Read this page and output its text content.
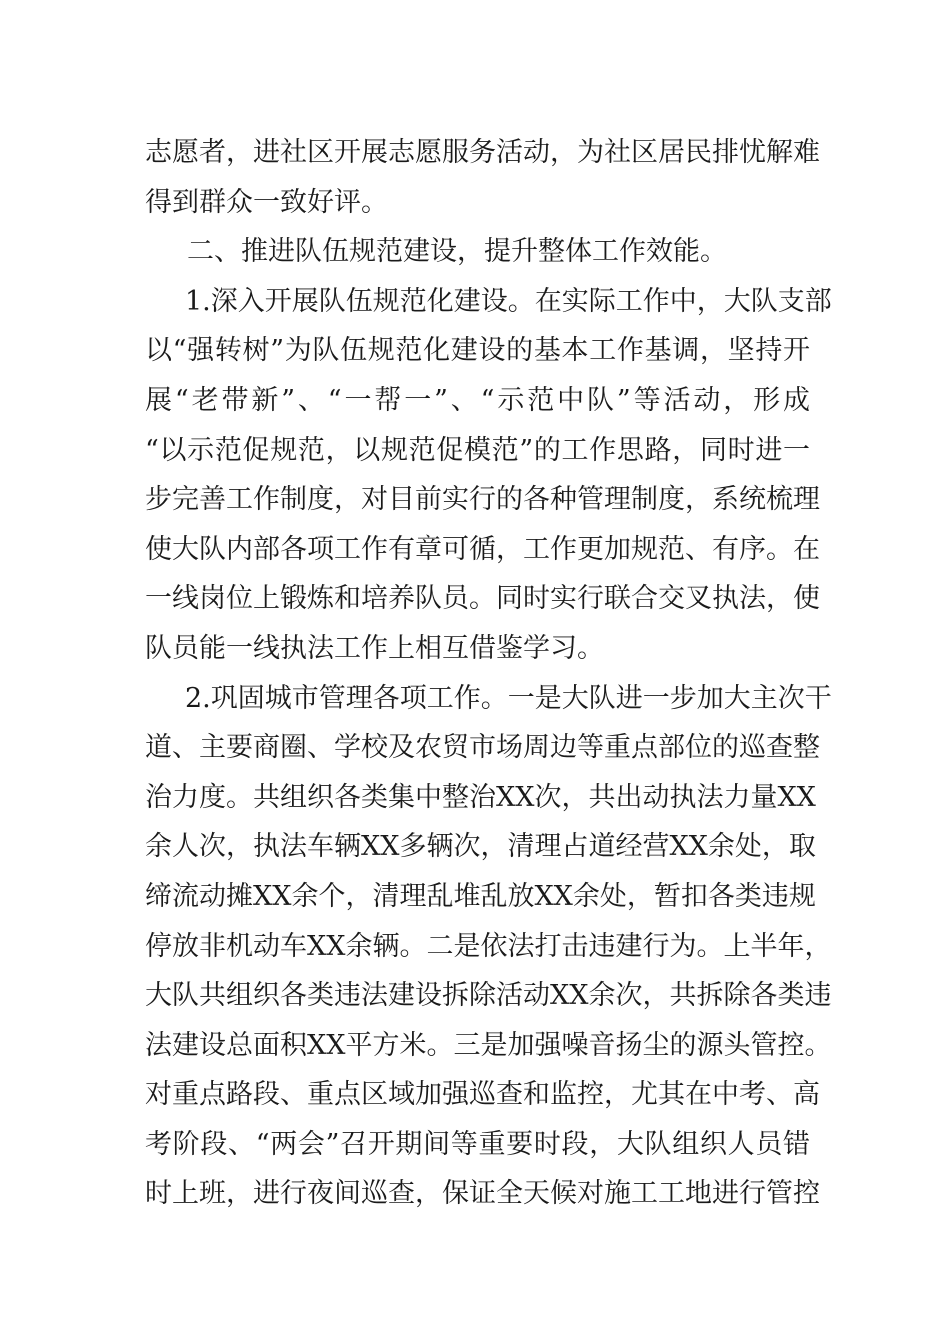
志愿者，进社区开展志愿服务活动，为社区居民排忧解难
得到群众一致好评。
二、推进队伍规范建设，提升整体工作效能。
1.深入开展队伍规范化建设。在实际工作中，大队支部
以“强转树”为队伍规范化建设的基本工作基调，坚持开
展“老带新”、“一帮一”、“示范中队”等活动，形成
“以示范促规范，以规范促模范”的工作思路，同时进一
步完善工作制度，对目前实行的各种管理制度，系统梳理
使大队内部各项工作有章可循，工作更加规范、有序。在
一线岗位上锻炼和培养队员。同时实行联合交叉执法，使
队员能一线执法工作上相互借鉴学习。
2.巩固城市管理各项工作。一是大队进一步加大主次干
道、主要商圈、学校及农贸市场周边等重点部位的巡查整
治力度。共组织各类集中整治XX次，共出动执法力量XX
余人次，执法车辆XX多辆次，清理占道经营XX余处，取
缔流动摊XX余个，清理乱堆乱放XX余处，暂扣各类违规
停放非机动车XX余辆。二是依法打击违建行为。上半年，
大队共组织各类违法建设拆除活动XX余次，共拆除各类违
法建设总面积XX平方米。三是加强噪音扬尘的源头管控。
对重点路段、重点区域加强巡查和监控，尤其在中考、高
考阶段、“两会”召开期间等重要时段，大队组织人员错
时上班，进行夜间巡查，保证全天候对施工工地进行管控
